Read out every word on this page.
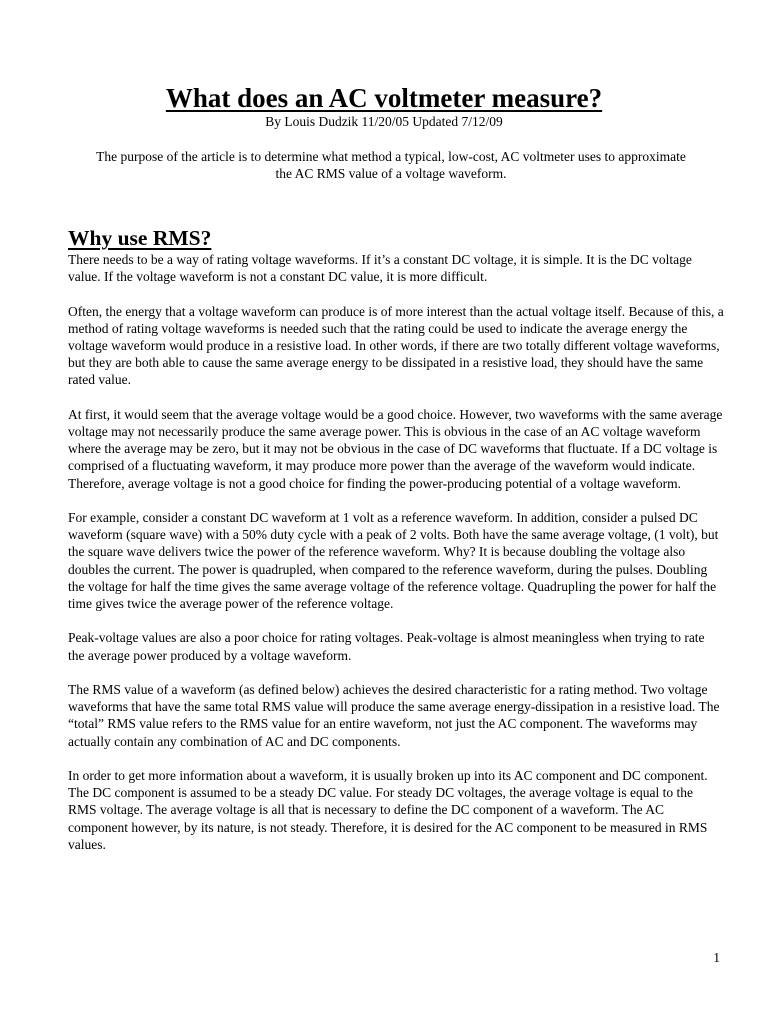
What does an AC voltmeter measure?
By Louis Dudzik 11/20/05 Updated 7/12/09
The purpose of the article is to determine what method a typical, low-cost, AC voltmeter uses to approximate the AC RMS value of a voltage waveform.
Why use RMS?

There needs to be a way of rating voltage waveforms. If it’s a constant DC voltage, it is simple. It is the DC voltage value. If the voltage waveform is not a constant DC value, it is more difficult.

Often, the energy that a voltage waveform can produce is of more interest than the actual voltage itself. Because of this, a method of rating voltage waveforms is needed such that the rating could be used to indicate the average energy the voltage waveform would produce in a resistive load. In other words, if there are two totally different voltage waveforms, but they are both able to cause the same average energy to be dissipated in a resistive load, they should have the same rated value.

At first, it would seem that the average voltage would be a good choice. However, two waveforms with the same average voltage may not necessarily produce the same average power. This is obvious in the case of an AC voltage waveform where the average may be zero, but it may not be obvious in the case of DC waveforms that fluctuate. If a DC voltage is comprised of a fluctuating waveform, it may produce more power than the average of the waveform would indicate. Therefore, average voltage is not a good choice for finding the power-producing potential of a voltage waveform.

For example, consider a constant DC waveform at 1 volt as a reference waveform. In addition, consider a pulsed DC waveform (square wave) with a 50% duty cycle with a peak of 2 volts. Both have the same average voltage, (1 volt), but the square wave delivers twice the power of the reference waveform. Why? It is because doubling the voltage also doubles the current. The power is quadrupled, when compared to the reference waveform, during the pulses. Doubling the voltage for half the time gives the same average voltage of the reference voltage. Quadrupling the power for half the time gives twice the average power of the reference voltage.

Peak-voltage values are also a poor choice for rating voltages. Peak-voltage is almost meaningless when trying to rate the average power produced by a voltage waveform.

The RMS value of a waveform (as defined below) achieves the desired characteristic for a rating method. Two voltage waveforms that have the same total RMS value will produce the same average energy-dissipation in a resistive load. The “total” RMS value refers to the RMS value for an entire waveform, not just the AC component. The waveforms may actually contain any combination of AC and DC components.

In order to get more information about a waveform, it is usually broken up into its AC component and DC component. The DC component is assumed to be a steady DC value. For steady DC voltages, the average voltage is equal to the RMS voltage. The average voltage is all that is necessary to define the DC component of a waveform. The AC component however, by its nature, is not steady. Therefore, it is desired for the AC component to be measured in RMS values.

1
